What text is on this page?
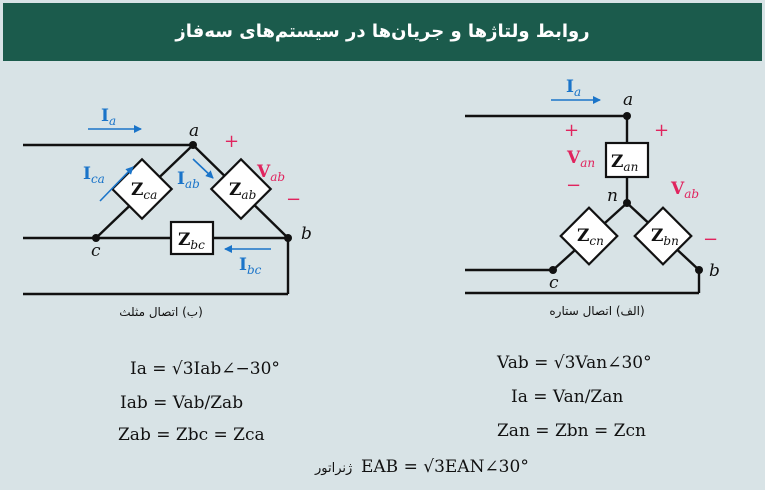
روابط ولتاژها و جریان‌ها در سیستم‌های سه‌فاز
$Z_{ca}$	$Z_{ab}$
$Z_{bc}$
$I_a$
$I_{ca}$	$I_{ab}$
$I_{bc}$
+
$V_{ab}$
−
a
b
c
(ب) اتصال مثلث
$Z_{an}$
$Z_{cn}$	$Z_{bn}$
$I_a$
+
$V_{an}$
−
+
$V_{ab}$
−
a
n
c
b
(الف) اتصال ستاره
Ia = √3Iab∠−30°
Iab = Vab/Zab
Zab = Zbc = Zca
Vab = √3Van∠30°
Ia = Van/Zan
Zan = Zbn = Zcn
ژنراتور EAB = √3EAN∠30°
